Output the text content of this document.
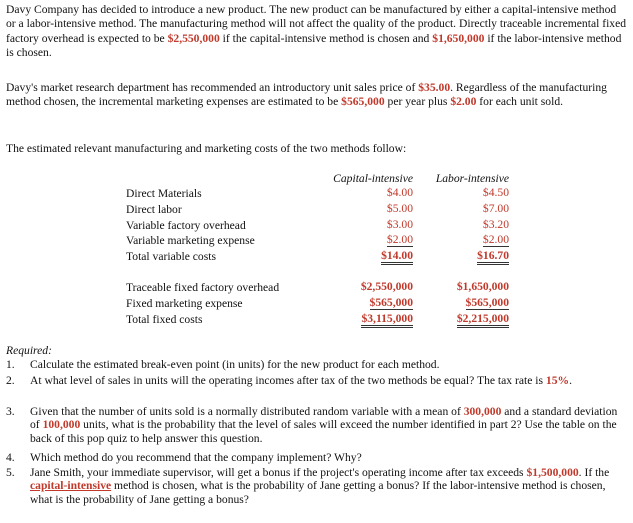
Davy Company has decided to introduce a new product. The new product can be manufactured by either a capital-intensive method or a labor-intensive method. The manufacturing method will not affect the quality of the product. Directly traceable incremental fixed factory overhead is expected to be $2,550,000 if the capital-intensive method is chosen and $1,650,000 if the labor-intensive method is chosen.

Davy's market research department has recommended an introductory unit sales price of $35.00. Regardless of the manufacturing method chosen, the incremental marketing expenses are estimated to be $565,000 per year plus $2.00 for each unit sold.

The estimated relevant manufacturing and marketing costs of the two methods follow:

Capital-intensive	Labor-intensive
Direct Materials	$4.00	$4.50
Direct labor	$5.00	$7.00
Variable factory overhead	$3.00	$3.20
Variable marketing expense	$2.00	$2.00
Total variable costs	$14.00	$16.70
Traceable fixed factory overhead	$2,550,000	$1,650,000
Fixed marketing expense	$565,000	$565,000
Total fixed costs	$3,115,000	$2,215,000
Required:
1.	Calculate the estimated break-even point (in units) for the new product for each method.

2.	At what level of sales in units will the operating incomes after tax of the two methods be equal? The tax rate is 15%.

3.	Given that the number of units sold is a normally distributed random variable with a mean of 300,000 and a standard deviation of 100,000 units, what is the probability that the level of sales will exceed the number identified in part 2? Use the table on the back of this pop quiz to help answer this question.

4.	Which method do you recommend that the company implement? Why?

5.	Jane Smith, your immediate supervisor, will get a bonus if the project's operating income after tax exceeds $1,500,000. If the capital-intensive method is chosen, what is the probability of Jane getting a bonus? If the labor-intensive method is chosen, what is the probability of Jane getting a bonus?
